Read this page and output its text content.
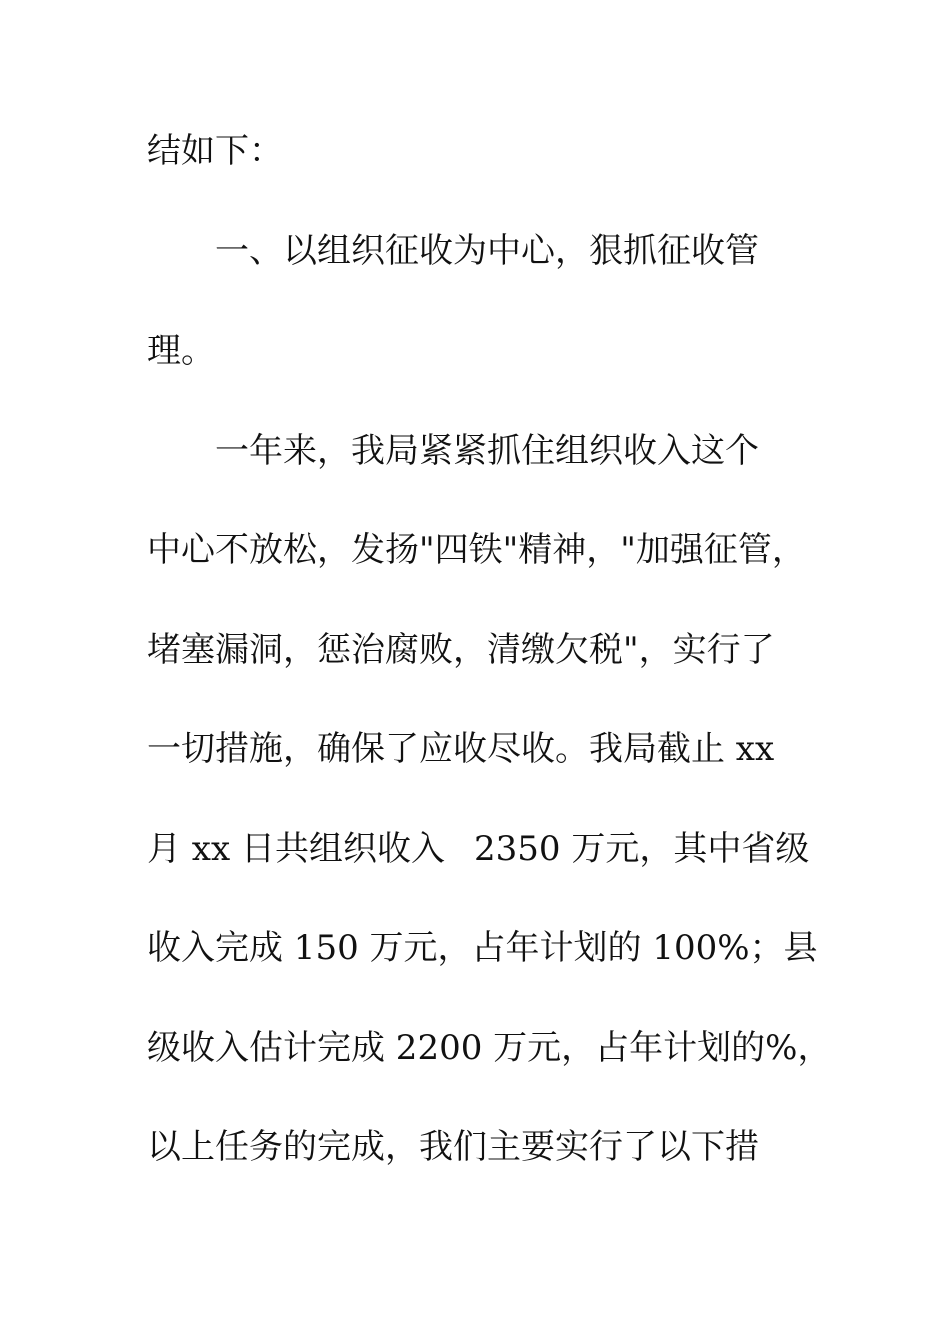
结如下：

一、以组织征收为中心，狠抓征收管

理。

一年来，我局紧紧抓住组织收入这个

中心不放松，发扬"四铁"精神，"加强征管，

堵塞漏洞，惩治腐败，清缴欠税"，实行了

一切措施，确保了应收尽收。我局截止 xx

月 xx 日共组织收入

2350 万元，其中省级

收入完成 150 万元，占年计划的 100%；县

级收入估计完成 2200 万元，占年计划的%，

以上任务的完成，我们主要实行了以下措
